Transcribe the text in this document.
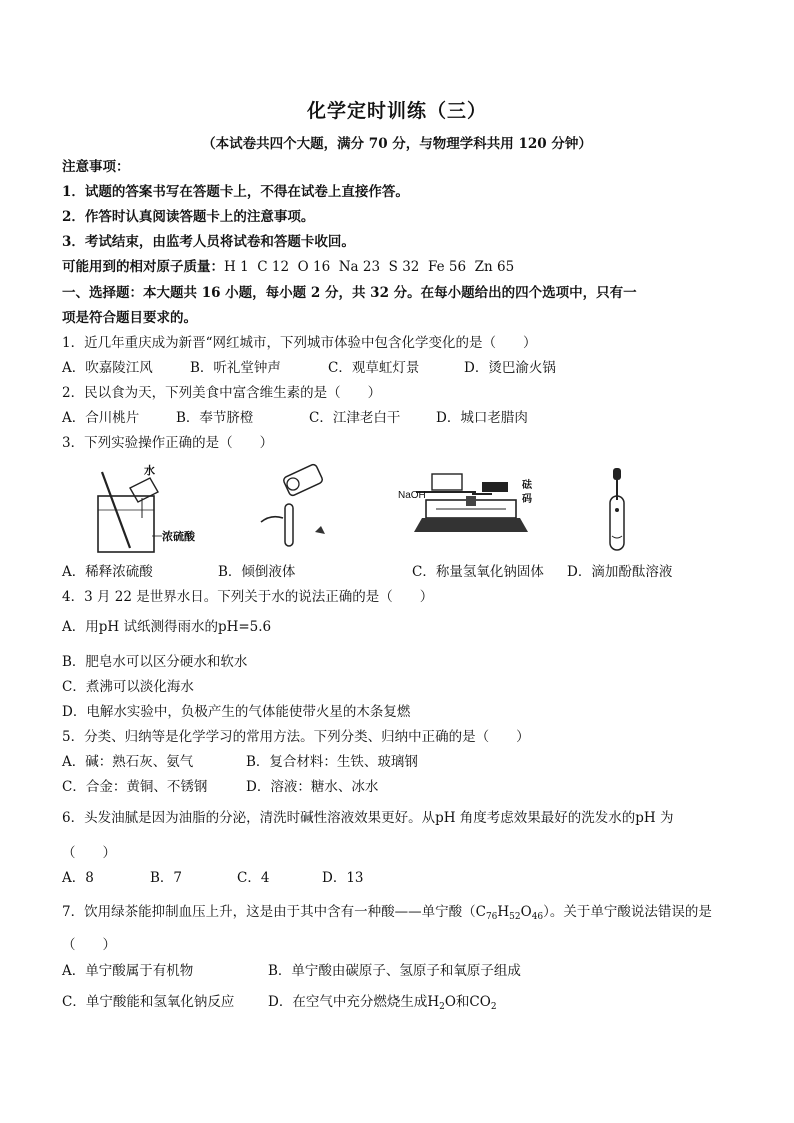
化学定时训练（三）
（本试卷共四个大题，满分 70 分，与物理学科共用 120 分钟）
注意事项：
1．试题的答案书写在答题卡上，不得在试卷上直接作答。
2．作答时认真阅读答题卡上的注意事项。
3．考试结束，由监考人员将试卷和答题卡收回。
可能用到的相对原子质量：H 1  C 12  O 16  Na 23  S 32  Fe 56  Zn 65
一、选择题：本大题共 16 小题，每小题 2 分，共 32 分。在每小题给出的四个选项中，只有一
项是符合题目要求的。
1．近几年重庆成为新晋“网红城市，下列城市体验中包含化学变化的是（　　）
A．吹嘉陵江风	B．听礼堂钟声	C．观草虹灯景	D．烫巴渝火锅
2．民以食为天，下列美食中富含维生素的是（　　）
A．合川桃片	B．奉节脐橙	C．江津老白干	D．城口老腊肉
3．下列实验操作正确的是（　　）
水
浓硫酸
NaOH
砝
码
A．稀释浓硫酸	B．倾倒液体	C．称量氢氧化钠固体 D．滴加酚酞溶液
4．3 月 22 是世界水日。下列关于水的说法正确的是（　　）
A．用pH 试纸测得雨水的pH=5.6
B．肥皂水可以区分硬水和软水
C．煮沸可以淡化海水
D．电解水实验中，负极产生的气体能使带火星的木条复燃
5．分类、归纳等是化学学习的常用方法。下列分类、归纳中正确的是（　　）
A．碱：熟石灰、氨气	B．复合材料：生铁、玻璃钢
C．合金：黄铜、不锈钢	D．溶液：糖水、冰水
6．头发油腻是因为油脂的分泌，清洗时碱性溶液效果更好。从pH 角度考虑效果最好的洗发水的pH 为
（　　）
A．8	B．7	C．4	D．13
7．饮用绿茶能抑制血压上升，这是由于其中含有一种酸——单宁酸$(C_{76}H_{52}O_{46})$。关于单宁酸说法错误的是
（　　）
A．单宁酸属于有机物	B．单宁酸由碳原子、氢原子和氧原子组成
C．单宁酸能和氢氧化钠反应 D．在空气中充分燃烧生成$H_2O$和$CO_2$
